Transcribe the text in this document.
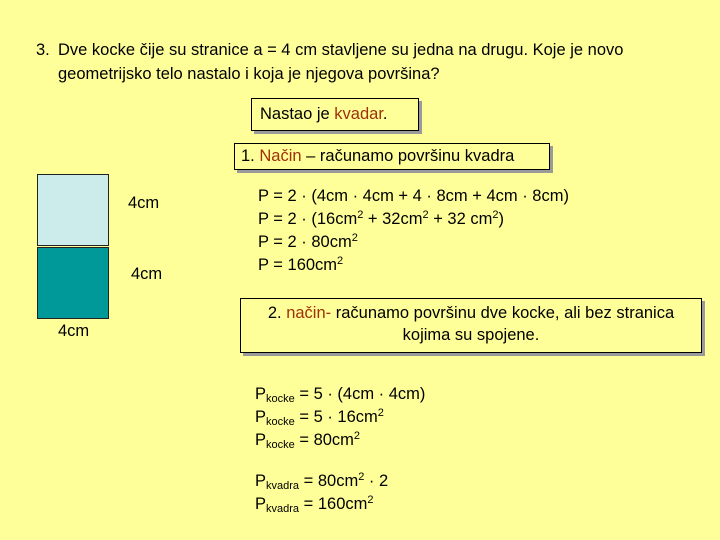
3. Dve kocke čije su stranice a = 4 cm stavljene su jedna na drugu. Koje je novo
geometrijsko telo nastalo i koja je njegova površina?
Nastao je kvadar.
1. Način – računamo površinu kvadra
4cm
4cm
4cm
P = 2 · (4cm · 4cm + 4 · 8cm + 4cm · 8cm)
$P = 2 \cdot (16cm^2 + 32cm^2 + 32$ $cm^2$)
$P = 2 \cdot 80cm^2$
$P = 160cm^2$
2. način- računamo površinu dve kocke, ali bez stranica
kojima su spojene.
$P_{kocke} = 5 \cdot (4cm \cdot 4cm)$
$P_{kocke} = 5 \cdot 16cm^2$
$P_{kocke} = 80cm^2$
$P_{kvadra} = 80cm^2 \cdot 2$
$P_{kvadra} = 160cm^2$
